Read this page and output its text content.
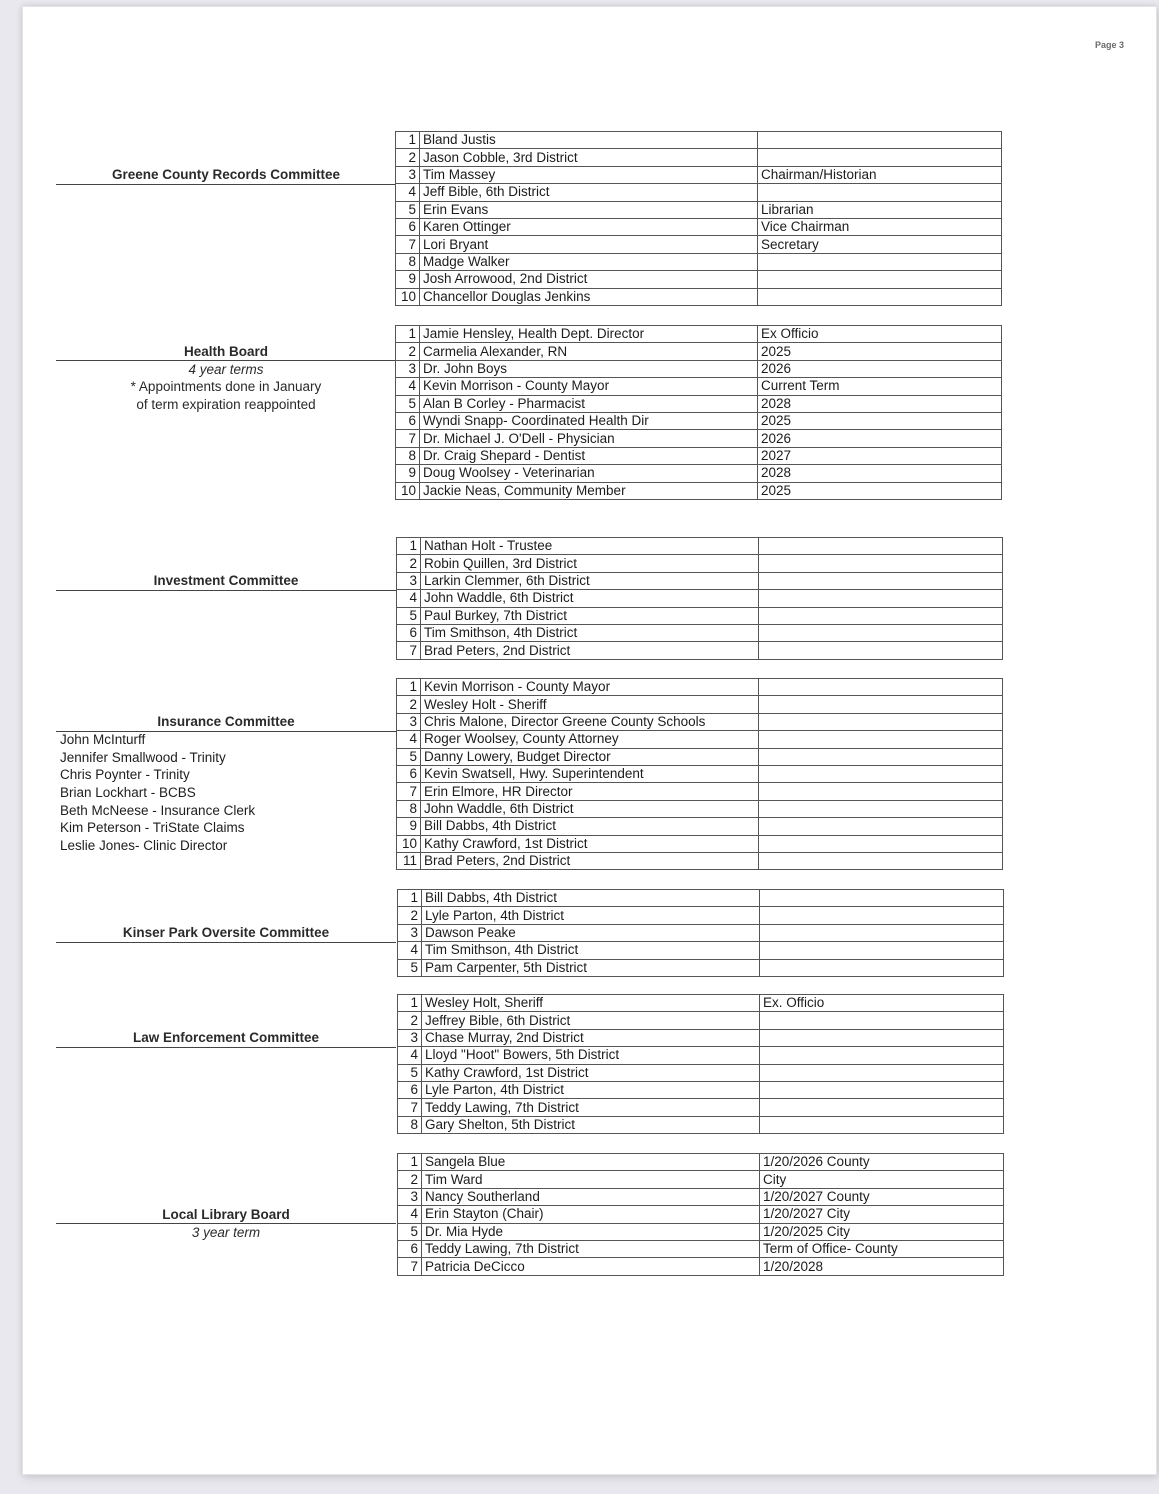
Page 3
Greene County Records Committee
1	Bland Justis	
2	Jason Cobble, 3rd District	
3	Tim Massey	Chairman/Historian
4	Jeff Bible, 6th District	
5	Erin Evans	Librarian
6	Karen Ottinger	Vice Chairman
7	Lori Bryant	Secretary
8	Madge Walker	
9	Josh Arrowood, 2nd District	
10	Chancellor Douglas Jenkins	
Health Board
4 year terms
* Appointments done in January
of term expiration reappointed
1	Jamie Hensley, Health Dept. Director	Ex Officio
2	Carmelia Alexander, RN	2025
3	Dr. John Boys	2026
4	Kevin Morrison - County Mayor	Current Term
5	Alan B Corley - Pharmacist	2028
6	Wyndi Snapp- Coordinated Health Dir	2025
7	Dr. Michael J. O'Dell - Physician	2026
8	Dr. Craig Shepard - Dentist	2027
9	Doug Woolsey - Veterinarian	2028
10	Jackie Neas, Community Member	2025
Investment Committee
1	Nathan Holt - Trustee	
2	Robin Quillen, 3rd District	
3	Larkin Clemmer, 6th District	
4	John Waddle, 6th District	
5	Paul Burkey, 7th District	
6	Tim Smithson, 4th District	
7	Brad Peters, 2nd District	
Insurance Committee
John McInturff
Jennifer Smallwood - Trinity
Chris Poynter - Trinity
Brian Lockhart - BCBS
Beth McNeese - Insurance Clerk
Kim Peterson - TriState Claims
Leslie Jones- Clinic Director
1	Kevin Morrison - County Mayor	
2	Wesley Holt - Sheriff	
3	Chris Malone, Director Greene County Schools	
4	Roger Woolsey, County Attorney	
5	Danny Lowery, Budget Director	
6	Kevin Swatsell, Hwy. Superintendent	
7	Erin Elmore, HR Director	
8	John Waddle, 6th District	
9	Bill Dabbs, 4th District	
10	Kathy Crawford, 1st District	
11	Brad Peters, 2nd District	
Kinser Park Oversite Committee
1	Bill Dabbs, 4th District	
2	Lyle Parton, 4th District	
3	Dawson Peake	
4	Tim Smithson, 4th District	
5	Pam Carpenter, 5th District	
Law Enforcement Committee
1	Wesley Holt, Sheriff	Ex. Officio
2	Jeffrey Bible, 6th District	
3	Chase Murray, 2nd District	
4	Lloyd "Hoot" Bowers, 5th District	
5	Kathy Crawford, 1st District	
6	Lyle Parton, 4th District	
7	Teddy Lawing, 7th District	
8	Gary Shelton, 5th District	
Local Library Board
3 year term
1	Sangela Blue	1/20/2026 County
2	Tim Ward	City
3	Nancy Southerland	1/20/2027 County
4	Erin Stayton (Chair)	1/20/2027 City
5	Dr. Mia Hyde	1/20/2025 City
6	Teddy Lawing, 7th District	Term of Office- County
7	Patricia DeCicco	1/20/2028
